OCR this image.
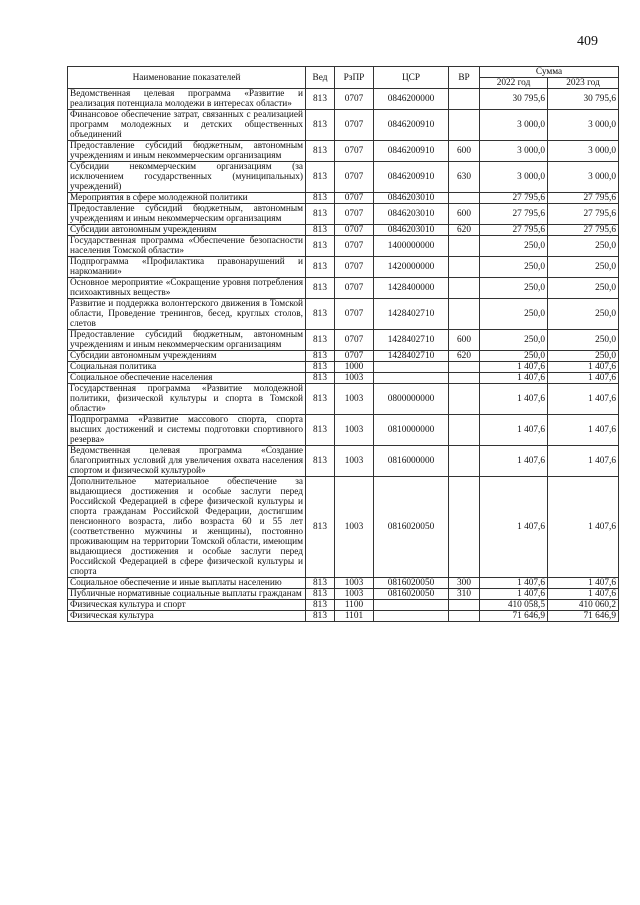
409
Наименование показателей	Вед	РзПР	ЦСР	ВР	Сумма	
					2022 год	2023 год
Ведомственная целевая программа «Развитие и реализация потенциала молодежи в интересах области»	813	0707	0846200000		30 795,6	30 795,6
Финансовое обеспечение затрат, связанных с реализацией программ молодежных и детских общественных объединений	813	0707	0846200910		3 000,0	3 000,0
Предоставление субсидий бюджетным, автономным учреждениям и иным некоммерческим организациям	813	0707	0846200910	600	3 000,0	3 000,0
Субсидии некоммерческим организациям (за исключением государственных (муниципальных) учреждений)	813	0707	0846200910	630	3 000,0	3 000,0
Мероприятия в сфере молодежной политики	813	0707	0846203010		27 795,6	27 795,6
Предоставление субсидий бюджетным, автономным учреждениям и иным некоммерческим организациям	813	0707	0846203010	600	27 795,6	27 795,6
Субсидии автономным учреждениям	813	0707	0846203010	620	27 795,6	27 795,6
Государственная программа «Обеспечение безопасности населения Томской области»	813	0707	1400000000		250,0	250,0
Подпрограмма «Профилактика правонарушений и наркомании»	813	0707	1420000000		250,0	250,0
Основное мероприятие «Сокращение уровня потребления психоактивных веществ»	813	0707	1428400000		250,0	250,0
Развитие и поддержка волонтерского движения в Томской области, Проведение тренингов, бесед, круглых столов, слетов	813	0707	1428402710		250,0	250,0
Предоставление субсидий бюджетным, автономным учреждениям и иным некоммерческим организациям	813	0707	1428402710	600	250,0	250,0
Субсидии автономным учреждениям	813	0707	1428402710	620	250,0	250,0
Социальная политика	813	1000			1 407,6	1 407,6
Социальное обеспечение населения	813	1003			1 407,6	1 407,6
Государственная программа «Развитие молодежной политики, физической культуры и спорта в Томской области»	813	1003	0800000000		1 407,6	1 407,6
Подпрограмма «Развитие массового спорта, спорта высших достижений и системы подготовки спортивного резерва»	813	1003	0810000000		1 407,6	1 407,6
Ведомственная целевая программа «Создание благоприятных условий для увеличения охвата населения спортом и физической культурой»	813	1003	0816000000		1 407,6	1 407,6
Дополнительное материальное обеспечение за выдающиеся достижения и особые заслуги перед Российской Федерацией в сфере физической культуры и спорта гражданам Российской Федерации, достигшим пенсионного возраста, либо возраста 60 и 55 лет (соответственно мужчины и женщины), постоянно проживающим на территории Томской области, имеющим выдающиеся достижения и особые заслуги перед Российской Федерацией в сфере физической культуры и спорта	813	1003	0816020050		1 407,6	1 407,6
Социальное обеспечение и иные выплаты населению	813	1003	0816020050	300	1 407,6	1 407,6
Публичные нормативные социальные выплаты гражданам	813	1003	0816020050	310	1 407,6	1 407,6
Физическая культура и спорт	813	1100			410 058,5	410 060,2
Физическая культура	813	1101			71 646,9	71 646,9
